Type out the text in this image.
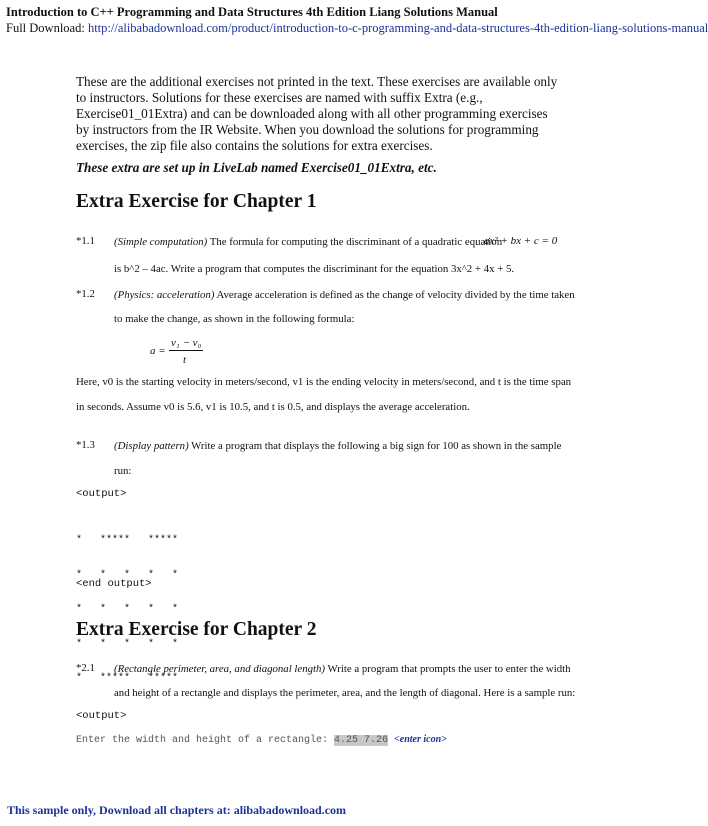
Introduction to C++ Programming and Data Structures 4th Edition Liang Solutions Manual
Full Download: http://alibabadownload.com/product/introduction-to-c-programming-and-data-structures-4th-edition-liang-solutions-manual

These are the additional exercises not printed in the text. These exercises are available only to instructors. Solutions for these exercises are named with suffix Extra (e.g., Exercise01_01Extra) and can be downloaded along with all other programming exercises by instructors from the IR Website. When you download the solutions for programming exercises, the zip file also contains the solutions for extra exercises.

These extra are set up in LiveLab named Exercise01_01Extra, etc.

Extra Exercise for Chapter 1
*1.1 (Simple computation) The formula for computing the discriminant of a quadratic equation
ax² + bx + c = 0
is b^2 – 4ac. Write a program that computes the discriminant for the equation 3x^2 + 4x + 5.
*1.2 (Physics: acceleration) Average acceleration is defined as the change of velocity divided by the time taken
to make the change, as shown in the following formula:
a =
v₁ − v₀
t
Here, v0 is the starting velocity in meters/second, v1 is the ending velocity in meters/second, and t is the time span
in seconds. Assume v0 is 5.6, v1 is 10.5, and t is 0.5, and displays the average acceleration.
*1.3 (Display pattern) Write a program that displays the following a big sign for 100 as shown in the sample
run:
<output>

*   *****   *****

*   *   *   *   *

*   *   *   *   *

*   *   *   *   *

*   *****   *****

<end output>
Extra Exercise for Chapter 2
*2.1 (Rectangle perimeter, area, and diagonal length) Write a program that prompts the user to enter the width
and height of a rectangle and displays the perimeter, area, and the length of diagonal. Here is a sample run:
<output>
Enter the width and height of a rectangle: 4.25 7.26 <enter icon>
This sample only, Download all chapters at: alibabadownload.com
